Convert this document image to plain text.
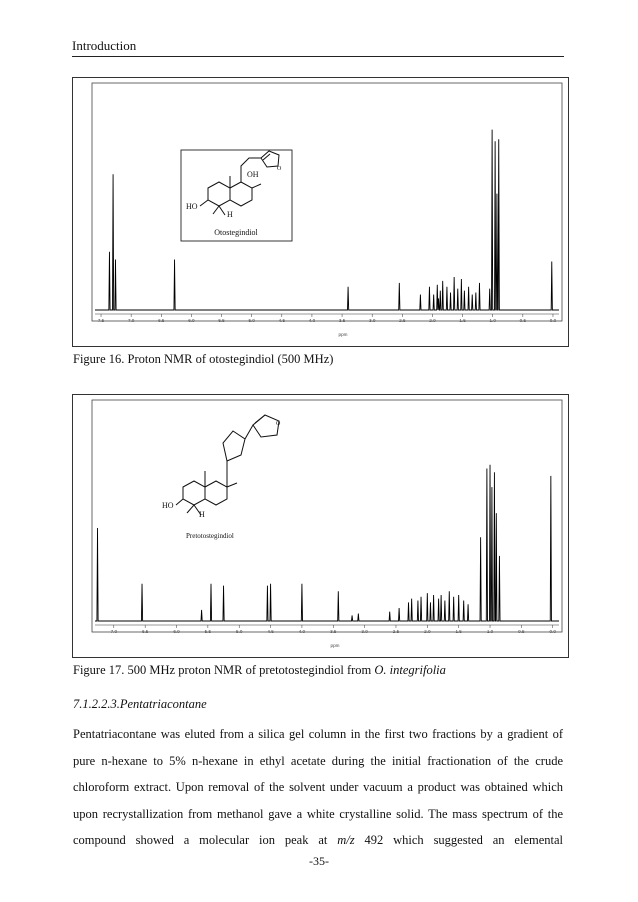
Introduction
7.5	7.0	6.5	6.0	5.5	5.0	4.5	4.0	3.5	3.0	2.5	2.0	1.5	1.0	0.5	0.0
ppm
HO
OH
H
O
Otostegindiol
Figure 16. Proton NMR of otostegindiol (500 MHz)
7.0	6.5	6.0	5.5	5.0	4.5	4.0	3.5	3.0	2.5	2.0	1.5	1.0	0.5	0.0
ppm
HO
H
O
Pretotostegindiol
Figure 17. 500 MHz proton NMR of pretotostegindiol from O. integrifolia
7.1.2.2.3.Pentatriacontane
Pentatriacontane was eluted from a silica gel column in the first two fractions by a gradient of
pure n-hexane to 5% n-hexane in ethyl acetate during the initial fractionation of the crude
chloroform extract. Upon removal of the solvent under vacuum a product was obtained which
upon recrystallization from methanol gave a white crystalline solid. The mass spectrum of the
compound showed a molecular ion peak at m/z 492 which suggested an elemental
-35-
